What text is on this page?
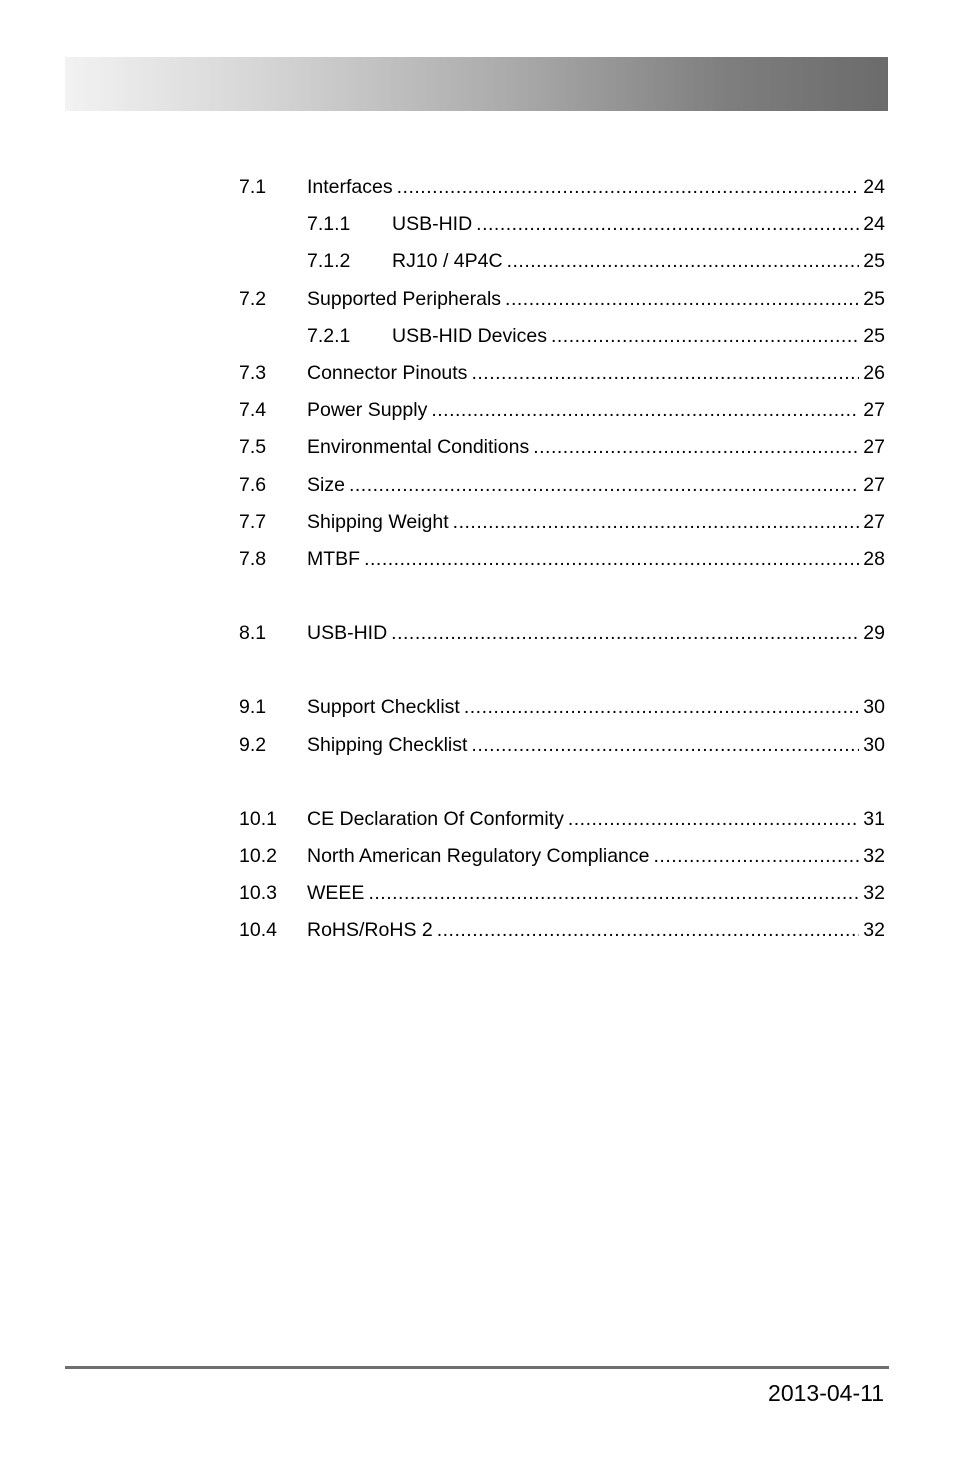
7.1 Interfaces .....	24
7.1.1 USB-HID .....	24
7.1.2 RJ10 / 4P4C .....	25
7.2 Supported Peripherals .....	25
7.2.1 USB-HID Devices .....	25
7.3 Connector Pinouts .....	26
7.4 Power Supply .....	27
7.5 Environmental Conditions .....	27
7.6 Size .....	27
7.7 Shipping Weight .....	27
7.8 MTBF .....	28
8.1 USB-HID .....	29
9.1 Support Checklist .....	30
9.2 Shipping Checklist .....	30
10.1 CE Declaration Of Conformity .....	31
10.2 North American Regulatory Compliance .....	32
10.3 WEEE .....	32
10.4 RoHS/RoHS 2 .....	32
2013-04-11
